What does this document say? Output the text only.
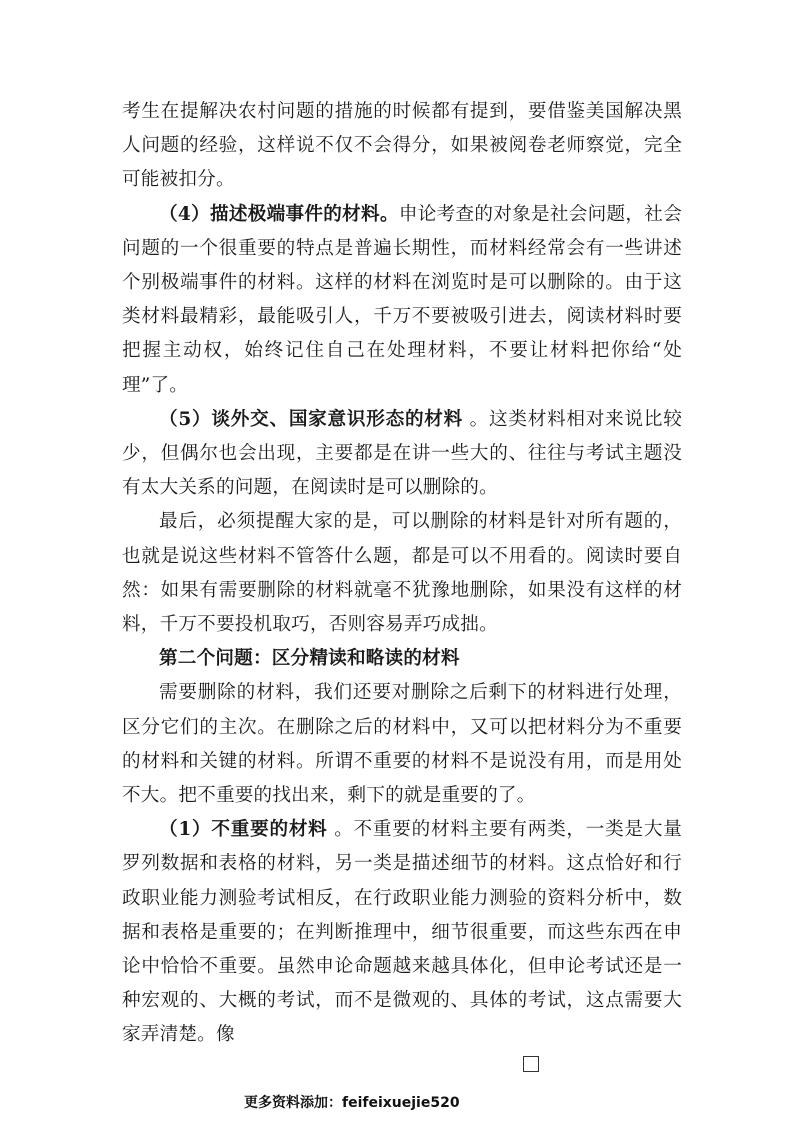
考生在提解决农村问题的措施的时候都有提到，要借鉴美国解决黑人问题的经验，这样说不仅不会得分，如果被阅卷老师察觉，完全可能被扣分。

（4）描述极端事件的材料。申论考查的对象是社会问题，社会问题的一个很重要的特点是普遍长期性，而材料经常会有一些讲述个别极端事件的材料。这样的材料在浏览时是可以删除的。由于这类材料最精彩，最能吸引人，千万不要被吸引进去，阅读材料时要把握主动权，始终记住自己在处理材料，不要让材料把你给“处理”了。

（5）谈外交、国家意识形态的材料 。这类材料相对来说比较少，但偶尔也会出现，主要都是在讲一些大的、往往与考试主题没有太大关系的问题，在阅读时是可以删除的。

最后，必须提醒大家的是，可以删除的材料是针对所有题的，也就是说这些材料不管答什么题，都是可以不用看的。阅读时要自然：如果有需要删除的材料就毫不犹豫地删除，如果没有这样的材料，千万不要投机取巧，否则容易弄巧成拙。

第二个问题：区分精读和略读的材料

需要删除的材料，我们还要对删除之后剩下的材料进行处理，区分它们的主次。在删除之后的材料中，又可以把材料分为不重要的材料和关键的材料。所谓不重要的材料不是说没有用，而是用处不大。把不重要的找出来，剩下的就是重要的了。

（1）不重要的材料 。不重要的材料主要有两类，一类是大量罗列数据和表格的材料，另一类是描述细节的材料。这点恰好和行政职业能力测验考试相反，在行政职业能力测验的资料分析中，数据和表格是重要的；在判断推理中，细节很重要，而这些东西在申论中恰恰不重要。虽然申论命题越来越具体化，但申论考试还是一种宏观的、大概的考试，而不是微观的、具体的考试，这点需要大家弄清楚。像

更多资料添加：feifeixuejie520
